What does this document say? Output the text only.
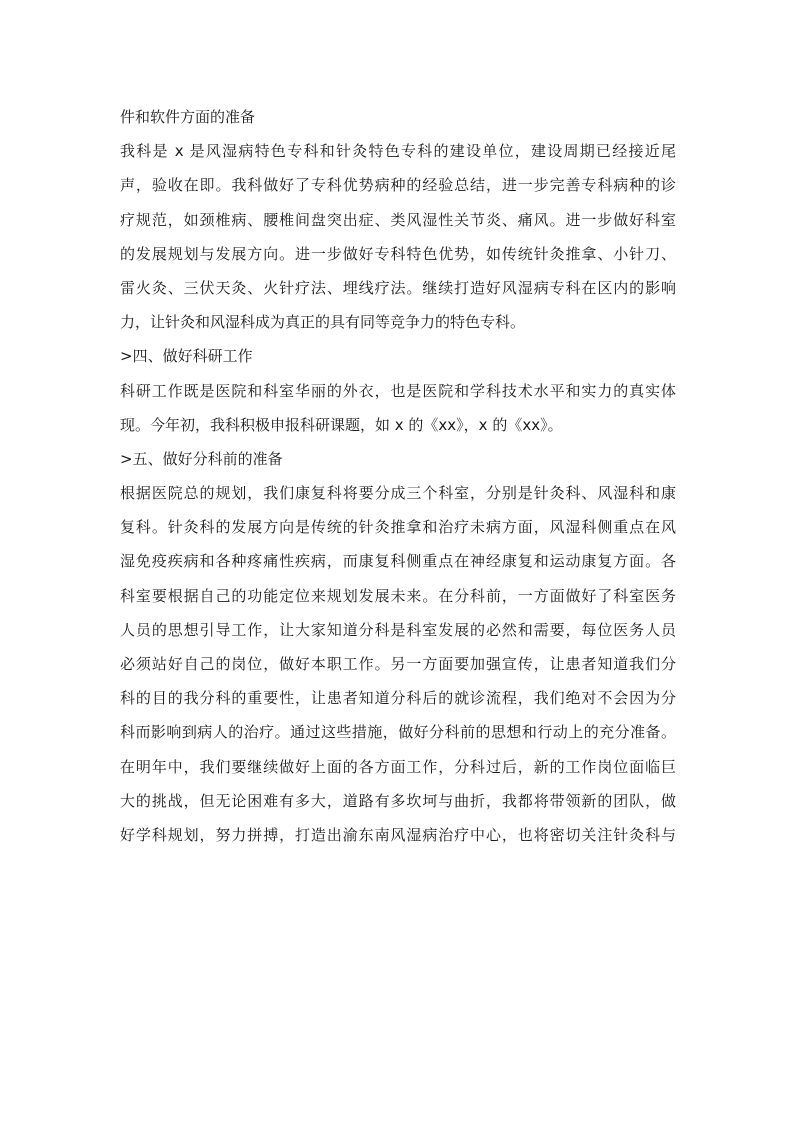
件和软件方面的准备
我科是 x 是风湿病特色专科和针灸特色专科的建设单位，建设周期已经接近尾
声，验收在即。我科做好了专科优势病种的经验总结，进一步完善专科病种的诊
疗规范，如颈椎病、腰椎间盘突出症、类风湿性关节炎、痛风。进一步做好科室
的发展规划与发展方向。进一步做好专科特色优势，如传统针灸推拿、小针刀、
雷火灸、三伏天灸、火针疗法、埋线疗法。继续打造好风湿病专科在区内的影响
力，让针灸和风湿科成为真正的具有同等竞争力的特色专科。
>四、做好科研工作
科研工作既是医院和科室华丽的外衣，也是医院和学科技术水平和实力的真实体
现。今年初，我科积极申报科研课题，如 x 的《xx》，x 的《xx》。
>五、做好分科前的准备
根据医院总的规划，我们康复科将要分成三个科室，分别是针灸科、风湿科和康
复科。针灸科的发展方向是传统的针灸推拿和治疗未病方面，风湿科侧重点在风
湿免疫疾病和各种疼痛性疾病，而康复科侧重点在神经康复和运动康复方面。各
科室要根据自己的功能定位来规划发展未来。在分科前，一方面做好了科室医务
人员的思想引导工作，让大家知道分科是科室发展的必然和需要，每位医务人员
必须站好自己的岗位，做好本职工作。另一方面要加强宣传，让患者知道我们分
科的目的我分科的重要性，让患者知道分科后的就诊流程，我们绝对不会因为分
科而影响到病人的治疗。通过这些措施，做好分科前的思想和行动上的充分准备。
在明年中，我们要继续做好上面的各方面工作，分科过后，新的工作岗位面临巨
大的挑战，但无论困难有多大，道路有多坎坷与曲折，我都将带领新的团队，做
好学科规划，努力拼搏，打造出渝东南风湿病治疗中心，也将密切关注针灸科与
